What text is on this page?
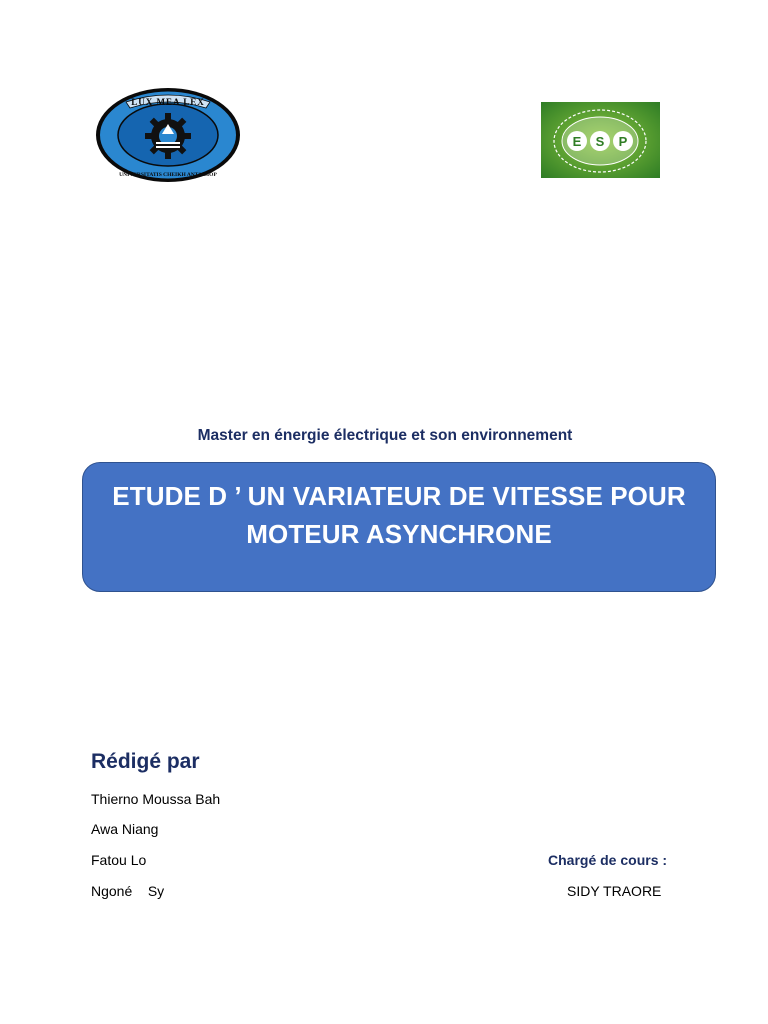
LUX MEA LEX
UNIVERSITATIS CHEIKH ANTA DIOP
E S P
Master en énergie électrique et son environnement
ETUDE D ’ UN VARIATEUR DE VITESSE POUR
MOTEUR ASYNCHRONE
Rédigé par
Thierno Moussa Bah
Awa Niang
Fatou Lo
Ngoné    Sy
Chargé de cours :
SIDY TRAORE
